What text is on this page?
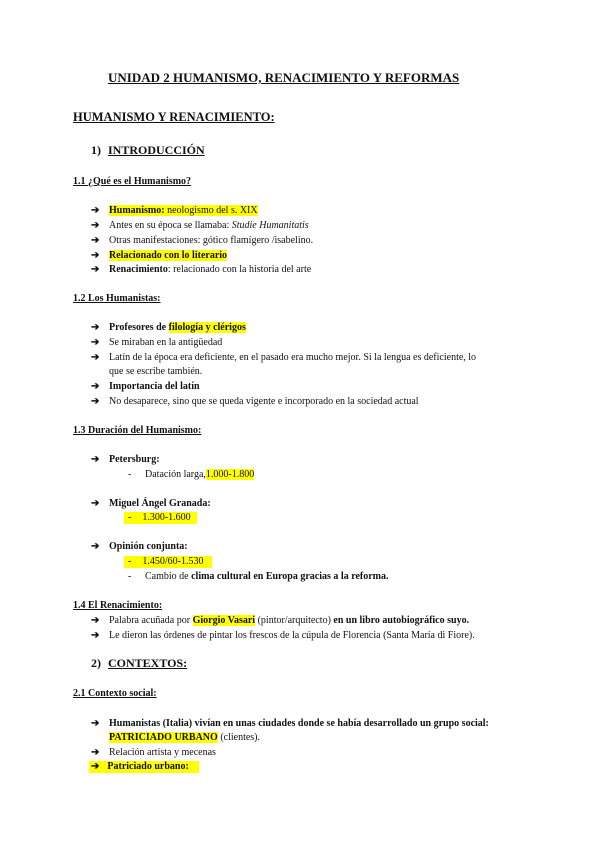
UNIDAD 2 HUMANISMO, RENACIMIENTO Y REFORMAS
HUMANISMO Y RENACIMIENTO:
1) INTRODUCCIÓN
1.1 ¿Qué es el Humanismo?
➔ Humanismo: neologismo del s. XIX
➔ Antes en su época se llamaba: Studie Humanitatis
➔ Otras manifestaciones: gótico flamígero /isabelino.
➔ Relacionado con lo literario
➔ Renacimiento: relacionado con la historia del arte
1.2 Los Humanistas:
➔ Profesores de filología y clérigos
➔ Se miraban en la antigüedad
➔ Latín de la época era deficiente, en el pasado era mucho mejor. Si la lengua es deficiente, lo
que se escribe también.
➔ Importancia del latín
➔ No desaparece, sino que se queda vigente e incorporado en la sociedad actual
1.3 Duración del Humanismo:
➔ Petersburg:
- Datación larga,1.000-1.800
➔ Miguel Ángel Granada:
- 1.300-1.600
➔ Opinión conjunta:
- 1.450/60-1.530
- Cambio de clima cultural en Europa gracias a la reforma.
1.4 El Renacimiento:
➔ Palabra acuñada por Giorgio Vasari (pintor/arquitecto) en un libro autobiográfico suyo.
➔ Le dieron las órdenes de pintar los frescos de la cúpula de Florencia (Santa María di Fiore).
2) CONTEXTOS:
2.1 Contexto social:
➔ Humanistas (Italia) vivían en unas ciudades donde se había desarrollado un grupo social:
PATRICIADO URBANO (clientes).
➔ Relación artista y mecenas
➔ Patriciado urbano:
